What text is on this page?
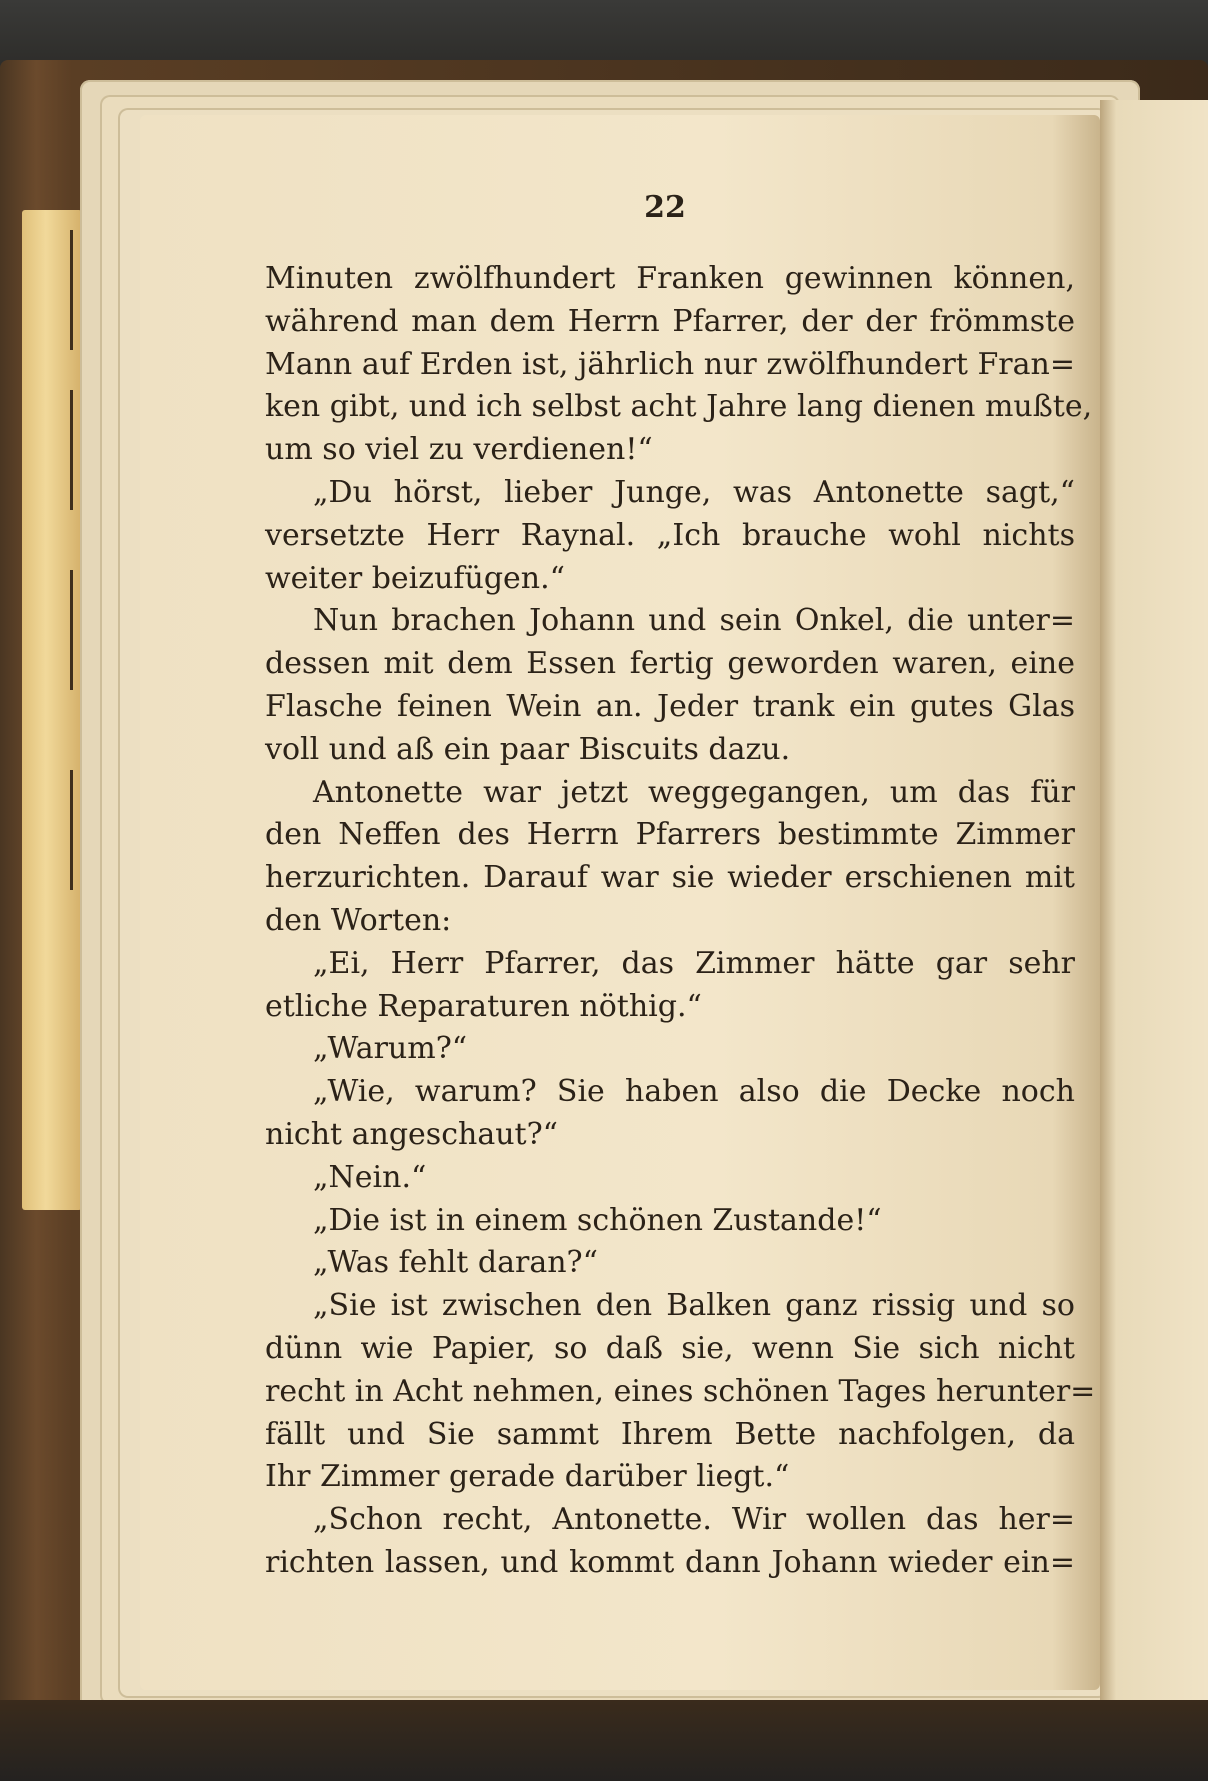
22
Minuten zwölfhundert Franken gewinnen können,
während man dem Herrn Pfarrer, der der frömmste
Mann auf Erden ist, jährlich nur zwölfhundert Fran=
ken gibt, und ich selbst acht Jahre lang dienen mußte,
um so viel zu verdienen!“
„Du hörst, lieber Junge, was Antonette sagt,“
versetzte Herr Raynal. „Ich brauche wohl nichts
weiter beizufügen.“
Nun brachen Johann und sein Onkel, die unter=
dessen mit dem Essen fertig geworden waren, eine
Flasche feinen Wein an. Jeder trank ein gutes Glas
voll und aß ein paar Biscuits dazu.
Antonette war jetzt weggegangen, um das für
den Neffen des Herrn Pfarrers bestimmte Zimmer
herzurichten. Darauf war sie wieder erschienen mit
den Worten:
„Ei, Herr Pfarrer, das Zimmer hätte gar sehr
etliche Reparaturen nöthig.“
„Warum?“
„Wie, warum? Sie haben also die Decke noch
nicht angeschaut?“
„Nein.“
„Die ist in einem schönen Zustande!“
„Was fehlt daran?“
„Sie ist zwischen den Balken ganz rissig und so
dünn wie Papier, so daß sie, wenn Sie sich nicht
recht in Acht nehmen, eines schönen Tages herunter=
fällt und Sie sammt Ihrem Bette nachfolgen, da
Ihr Zimmer gerade darüber liegt.“
„Schon recht, Antonette. Wir wollen das her=
richten lassen, und kommt dann Johann wieder ein=
